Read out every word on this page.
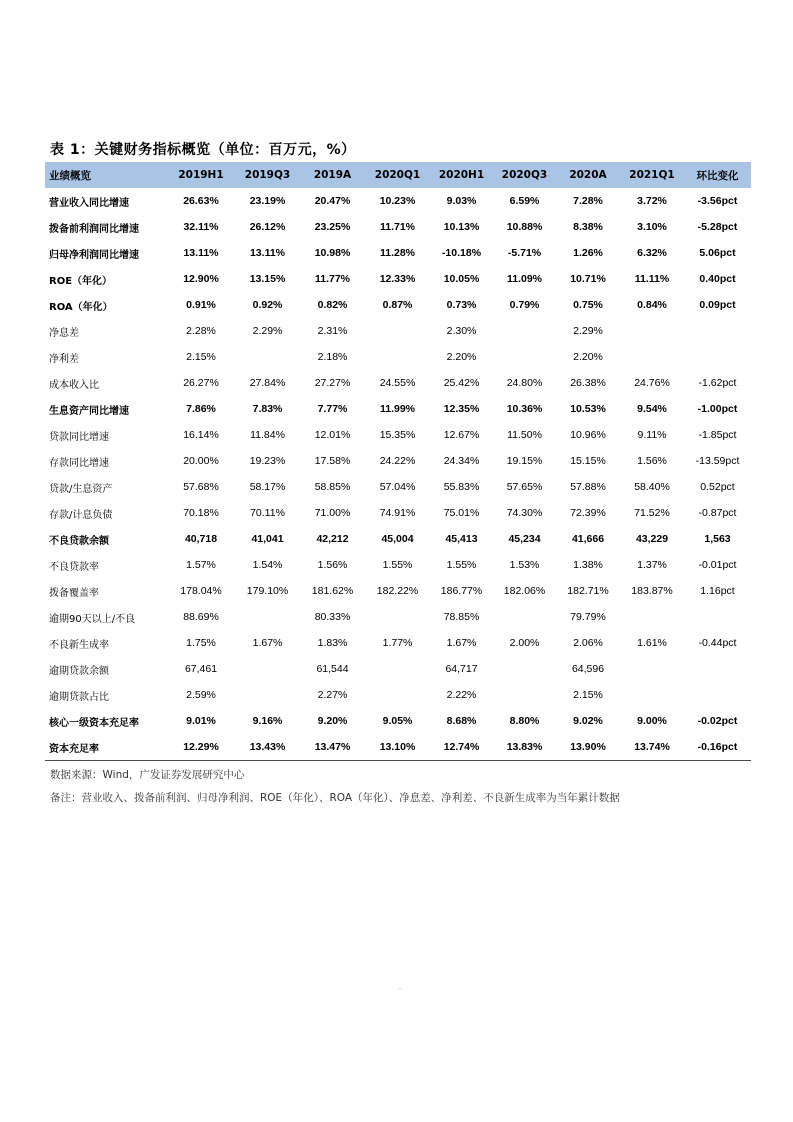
表 1：关键财务指标概览（单位：百万元，%）
业绩概览	2019H1	2019Q3	2019A	2020Q1	2020H1	2020Q3	2020A	2021Q1	环比变化
营业收入同比增速	26.63%	23.19%	20.47%	10.23%	9.03%	6.59%	7.28%	3.72%	-3.56pct
拨备前利润同比增速	32.11%	26.12%	23.25%	11.71%	10.13%	10.88%	8.38%	3.10%	-5.28pct
归母净利润同比增速	13.11%	13.11%	10.98%	11.28%	-10.18%	-5.71%	1.26%	6.32%	5.06pct
ROE（年化）	12.90%	13.15%	11.77%	12.33%	10.05%	11.09%	10.71%	11.11%	0.40pct
ROA（年化）	0.91%	0.92%	0.82%	0.87%	0.73%	0.79%	0.75%	0.84%	0.09pct
净息差	2.28%	2.29%	2.31%		2.30%		2.29%		
净利差	2.15%		2.18%		2.20%		2.20%		
成本收入比	26.27%	27.84%	27.27%	24.55%	25.42%	24.80%	26.38%	24.76%	-1.62pct
生息资产同比增速	7.86%	7.83%	7.77%	11.99%	12.35%	10.36%	10.53%	9.54%	-1.00pct
贷款同比增速	16.14%	11.84%	12.01%	15.35%	12.67%	11.50%	10.96%	9.11%	-1.85pct
存款同比增速	20.00%	19.23%	17.58%	24.22%	24.34%	19.15%	15.15%	1.56%	-13.59pct
贷款/生息资产	57.68%	58.17%	58.85%	57.04%	55.83%	57.65%	57.88%	58.40%	0.52pct
存款/计息负债	70.18%	70.11%	71.00%	74.91%	75.01%	74.30%	72.39%	71.52%	-0.87pct
不良贷款余额	40,718	41,041	42,212	45,004	45,413	45,234	41,666	43,229	1,563
不良贷款率	1.57%	1.54%	1.56%	1.55%	1.55%	1.53%	1.38%	1.37%	-0.01pct
拨备覆盖率	178.04%	179.10%	181.62%	182.22%	186.77%	182.06%	182.71%	183.87%	1.16pct
逾期90天以上/不良	88.69%		80.33%		78.85%		79.79%		
不良新生成率	1.75%	1.67%	1.83%	1.77%	1.67%	2.00%	2.06%	1.61%	-0.44pct
逾期贷款余额	67,461		61,544		64,717		64,596		
逾期贷款占比	2.59%		2.27%		2.22%		2.15%		
核心一级资本充足率	9.01%	9.16%	9.20%	9.05%	8.68%	8.80%	9.02%	9.00%	-0.02pct
资本充足率	12.29%	13.43%	13.47%	13.10%	12.74%	13.83%	13.90%	13.74%	-0.16pct
数据来源：Wind，广发证券发展研究中心
备注：营业收入、拨备前利润、归母净利润、ROE（年化）、ROA（年化）、净息差、净利差、不良新生成率为当年累计数据
